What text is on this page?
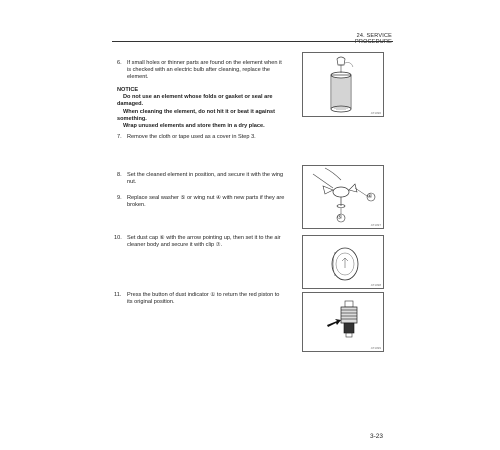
24. SERVICE PROCEDURE
6. If small holes or thinner parts are found on the element when it
is checked with an electric bulb after cleaning, replace the
element.
NOTICE
Do not use an element whose folds or gasket or seal are
damaged.
When cleaning the element, do not hit it or beat it against
something.
Wrap unused elements and store them in a dry place.
7. Remove the cloth or tape used as a cover in Step 3.
AT1096
8. Set the cleaned element in position, and secure it with the wing
nut.
9. Replace seal washer ⑤ or wing nut ④ with new parts if they are
broken.
④
⑤
AT1097
10. Set dust cap ⑥ with the arrow pointing up, then set it to the air
cleaner body and secure it with clip ⑦.
AT1098
11. Press the button of dust indicator ① to return the red piston to
its original position.
AT1099
3-23
